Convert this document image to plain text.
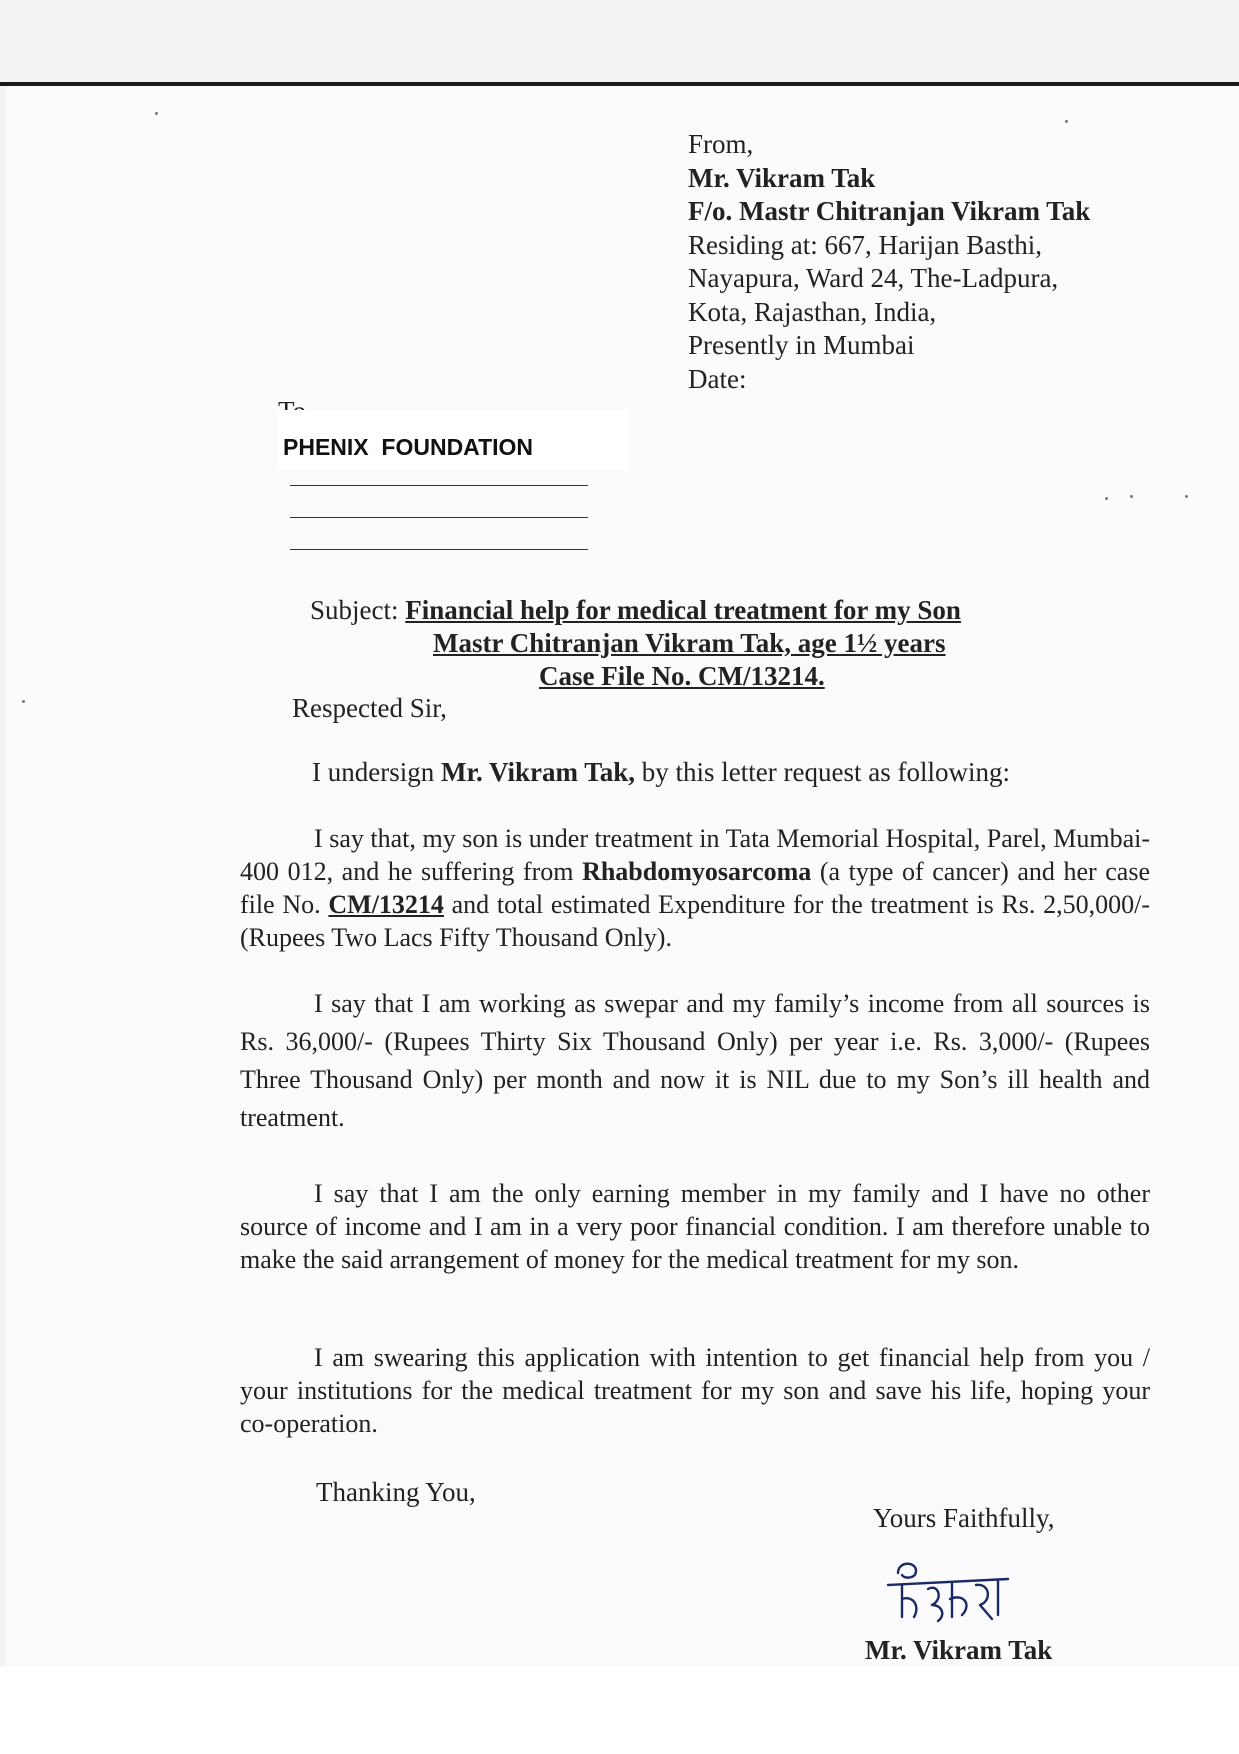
From,
Mr. Vikram Tak
F/o. Mastr Chitranjan Vikram Tak
Residing at: 667, Harijan Basthi,
Nayapura, Ward 24, The-Ladpura,
Kota, Rajasthan, India,
Presently in Mumbai
Date:
PHENIX  FOUNDATION
Subject: Financial help for medical treatment for my Son
Mastr Chitranjan Vikram Tak, age 1½ years
Case File No. CM/13214.
Respected Sir,
I undersign Mr. Vikram Tak, by this letter request as following:

I say that, my son is under treatment in Tata Memorial Hospital, Parel, Mumbai- 400 012, and he suffering from Rhabdomyosarcoma (a type of cancer) and her case file No. CM/13214 and total estimated Expenditure for the treatment is Rs. 2,50,000/- (Rupees Two Lacs Fifty Thousand Only).

I say that I am working as swepar and my family’s income from all sources is Rs. 36,000/- (Rupees Thirty Six Thousand Only) per year i.e. Rs. 3,000/- (Rupees Three Thousand Only) per month and now it is NIL due to my Son’s ill health and treatment.

I say that I am the only earning member in my family and I have no other source of income and I am in a very poor financial condition. I am therefore unable to make the said arrangement of money for the medical treatment for my son.

I am swearing this application with intention to get financial help from you / your institutions for the medical treatment for my son and save his life, hoping your co-operation.

Thanking You,
Yours Faithfully,
Mr. Vikram Tak
